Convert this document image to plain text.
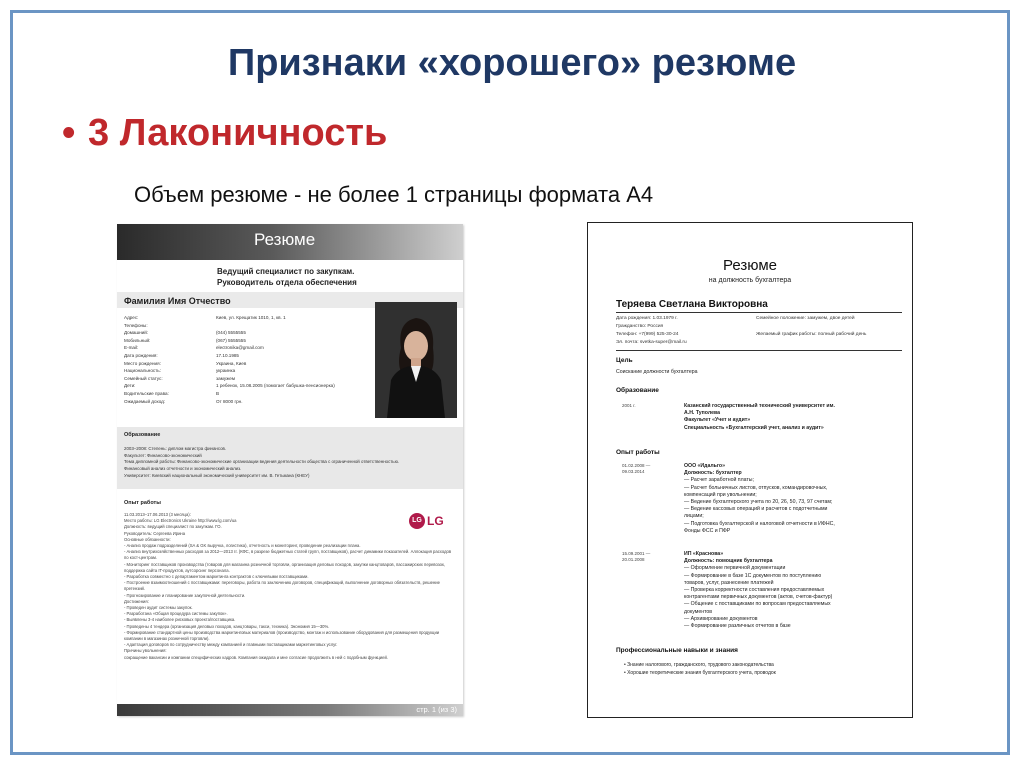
Признаки «хорошего» резюме
• 3 Лаконичность
Объем резюме - не более 1 страницы формата А4
Резюме
Ведущий специалист по закупкам.
Руководитель отдела обеспечения
Фамилия Имя Отчество
Адрес:	Киев, ул. Крещатик 1010, 1, кв. 1
Телефоны:
Домашний:	(044) 5555555
Мобильный:	(067) 5555555
E-mail:	electronika@gmail.com
Дата рождения:	17.10.1985
Место рождения:	Украина, Киев
Национальность:	украинка
Семейный статус:	замужем
Дети:	1 ребенок, 15.08.2005 (помогает бабушка-пенсионерка)
Водительские права:	В
Ожидаемый доход:	От 8000 грн.
Образование
2003–2008: Степень: диплом магистра финансов.
Факультет: Финансово-экономический
Тема дипломной работы: Финансово-экономические организации ведения деятельности общества с ограниченной ответственностью.
Финансовый анализ отчетности и экономический анализ.
Университет: Киевский национальный экономический университет им. В. Гетьмана (КНЕУ)
Опыт работы
LG LG
11.03.2013–17.06.2013 (3 месяца):
Место работы: LG Electronics Ukraine http://www.lg.com/ua
Должность: ведущий специалист по закупкам. ГО.
Руководитель: Сергеева Ирина
Основные обязанности:
- Анализ продаж подразделений (SA & GK выручка, логистика), отчетность и мониторинг, проведение реализации плана.
- Анализ внутрихозяйственных расходов за 2012—2013 гг. (КФС, в разрезе бюджетных статей групп, поставщиков), расчет динамики показателей. Аллокация расходов по кост-центрам.
- Мониторинг поставщиков производства (товаров для магазина розничной торговли, организация деловых походов, закупки канцтоваров, пассажирских перевозок, поддержка сайта IT-продуктов, аутсорсинг персонала.
- Разработка совместно с департаментом маркетинга контрактов с ключевыми поставщиками.
- Построение взаимоотношений с поставщиками: переговоры, работа по заключению договоров, спецификаций, выполнение договорных обязательств, решение претензий.
- Прогнозирование и планирование закупочной деятельности.
Достижения:
- Проведен аудит системы закупок.
- Разработана «Общая процедура системы закупок».
- Выявлены 3-4 наиболее рисковых проекта/поставщика.
- Проведены 4 тендера (организация деловых походов, канцтовары, такси, техника). Экономия 15—30%.
- Формирование стандартной цены производства маркетинговых материалов (производство, монтаж и использование оборудования для размещения продукции компании в магазинах розничной торговли).
- Адаптация договоров по сотрудничеству между компанией и главными поставщиками маркетинговых услуг.
Причины увольнения:
сокращение вакансии и компании специфических кадров. Компания ожидала и мне согласие продолжить в ней с подобным функцией.
стр. 1 (из 3)
Резюме
на должность бухгалтера
Теряева Светлана Викторовна
Дата рождения: 1.03.1979 г.	Семейное положение: замужем, двое детей
Гражданство: Россия
Телефон: +7(999) 525-30-24	Желаемый график работы: полный рабочий день
Эл. почта: svetka-super@mail.ru
Цель
Соискание должности бухгалтера
Образование
2001 г.	Казанский государственный технический университет им.
А.Н. Туполева
Факультет «Учет и аудит»
Специальность «Бухгалтерский учет, анализ и аудит»
Опыт работы
01.02.2008 —
09.03.2014
ООО «Идальго»
Должность: бухгалтер
— Расчет заработной платы;
— Расчет больничных листов, отпусков, командировочных,
компенсаций при увольнении;
— Ведение бухгалтерского учета по 20, 26, 50, 73, 97 счетам;
— Ведение кассовых операций и расчетов с подотчетными
лицами;
— Подготовка бухгалтерской и налоговой отчетности в ИФНС,
Фонды ФСС и ПФР
15.09.2001 —
20.01.2008
ИП «Краснова»
Должность: помощник бухгалтера
— Оформление первичной документации
— Формирование в базе 1С документов по поступлению
товаров, услуг, разнесение платежей
— Проверка корректности составления предоставляемых
контрагентами первичных документов (актов, счетов-фактур)
— Общение с поставщиками по вопросам предоставляемых
документов
— Архивирование документов
— Формирование различных отчетов в базе
Профессиональные навыки и знания
• Знание налогового, гражданского, трудового законодательства
• Хорошие теоретические знания бухгалтерского учета, проводок
